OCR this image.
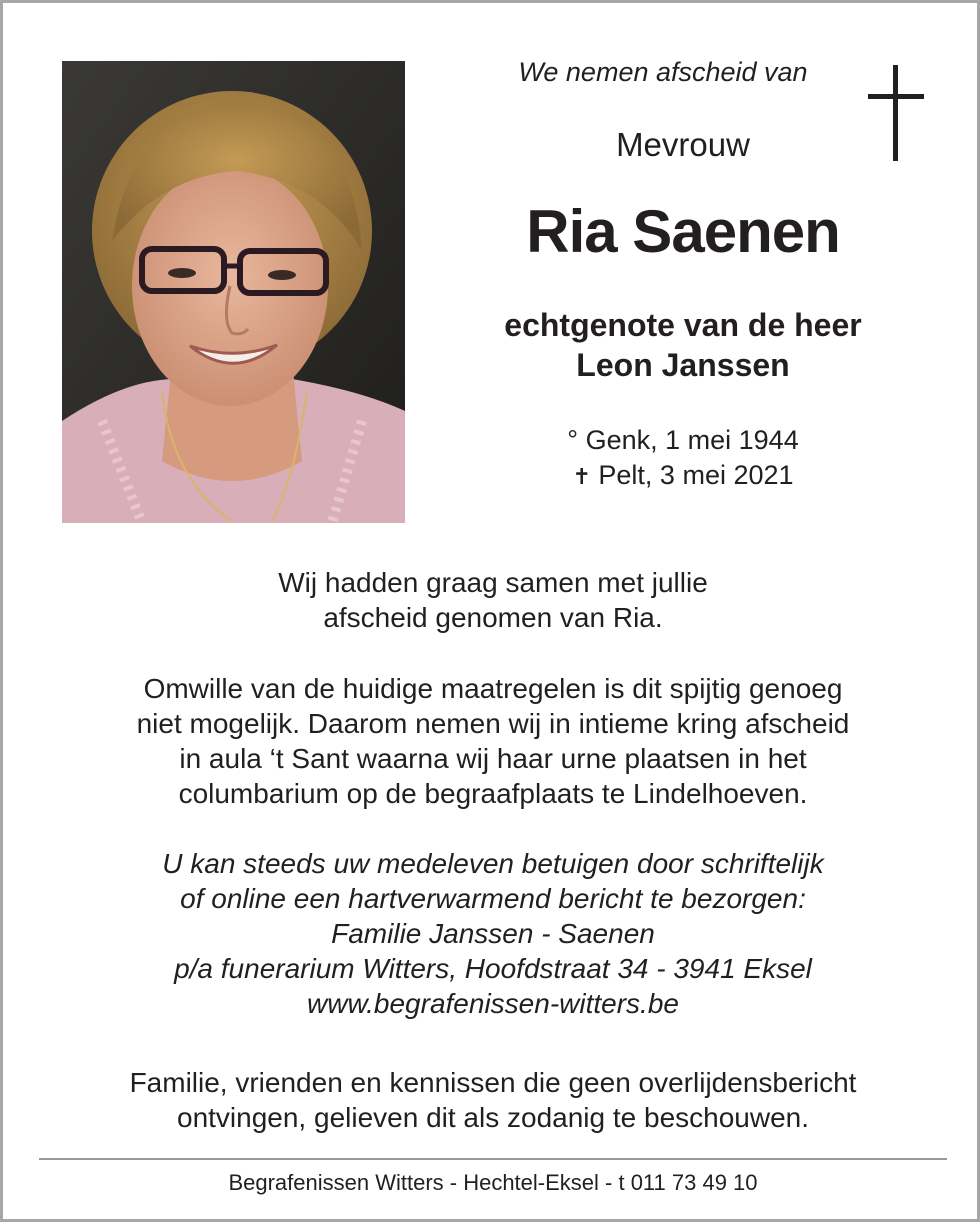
We nemen afscheid van
Mevrouw
Ria Saenen
echtgenote van de heer
Leon Janssen
° Genk, 1 mei 1944
✝ Pelt, 3 mei 2021
Wij hadden graag samen met jullie
afscheid genomen van Ria.
Omwille van de huidige maatregelen is dit spijtig genoeg
niet mogelijk. Daarom nemen wij in intieme kring afscheid
in aula ‘t Sant waarna wij haar urne plaatsen in het
columbarium op de begraafplaats te Lindelhoeven.
U kan steeds uw medeleven betuigen door schriftelijk
of online een hartverwarmend bericht te bezorgen:
Familie Janssen - Saenen
p/a funerarium Witters, Hoofdstraat 34 - 3941 Eksel
www.begrafenissen-witters.be
Familie, vrienden en kennissen die geen overlijdensbericht
ontvingen, gelieven dit als zodanig te beschouwen.
Begrafenissen Witters - Hechtel-Eksel - t 011 73 49 10
